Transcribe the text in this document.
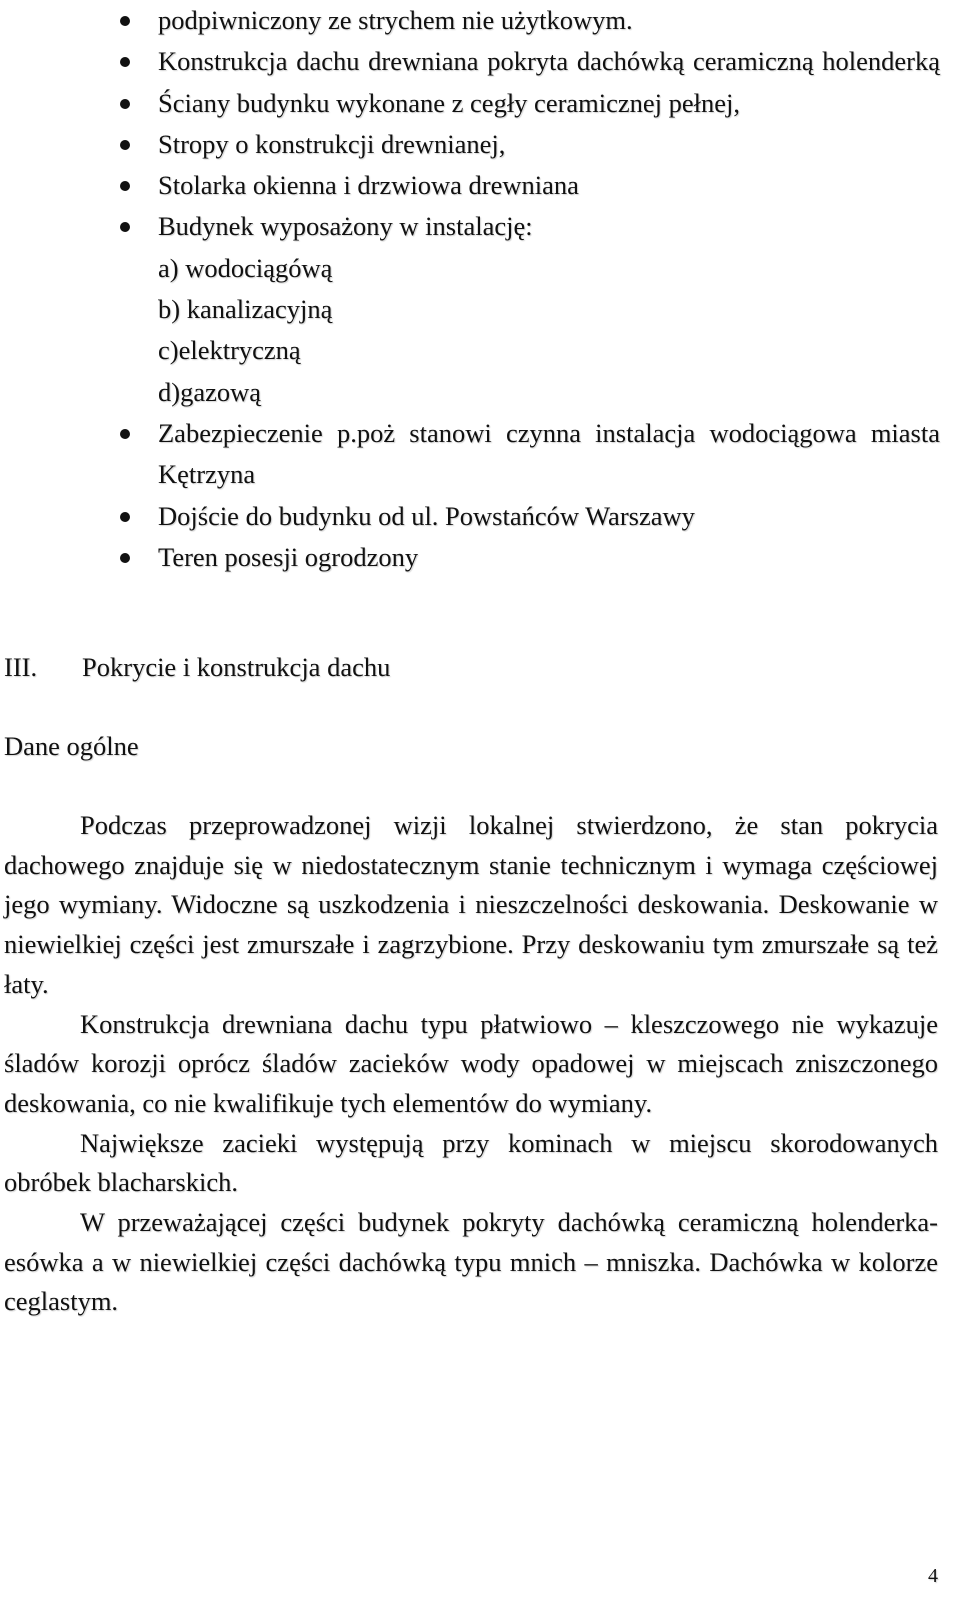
podpiwniczony ze strychem nie użytkowym.
Konstrukcja dachu drewniana pokryta dachówką ceramiczną holenderką
Ściany budynku wykonane z cegły ceramicznej pełnej,
Stropy o konstrukcji drewnianej,
Stolarka okienna i drzwiowa drewniana
Budynek wyposażony w instalację:
a) wodociągówą
b) kanalizacyjną
c)elektryczną
d)gazową
Zabezpieczenie p.poż stanowi czynna instalacja wodociągowa miasta Kętrzyna
Dojście do budynku od ul. Powstańców Warszawy
Teren posesji ogrodzony
III. Pokrycie i konstrukcja dachu
Dane ogólne

Podczas przeprowadzonej wizji lokalnej stwierdzono, że stan pokrycia dachowego znajduje się w niedostatecznym stanie technicznym i wymaga częściowej jego wymiany. Widoczne są uszkodzenia i nieszczelności deskowania. Deskowanie w niewielkiej części jest zmurszałe i zagrzybione. Przy deskowaniu tym zmurszałe są też łaty.

Konstrukcja drewniana dachu typu płatwiowo – kleszczowego nie wykazuje śladów korozji oprócz śladów zacieków wody opadowej w miejscach zniszczonego deskowania, co nie kwalifikuje tych elementów do wymiany.

Największe zacieki występują przy kominach w miejscu skorodowanych obróbek blacharskich.

W przeważającej części budynek pokryty dachówką ceramiczną holenderka- esówka a w niewielkiej części dachówką typu mnich – mniszka. Dachówka w kolorze ceglastym.

4
